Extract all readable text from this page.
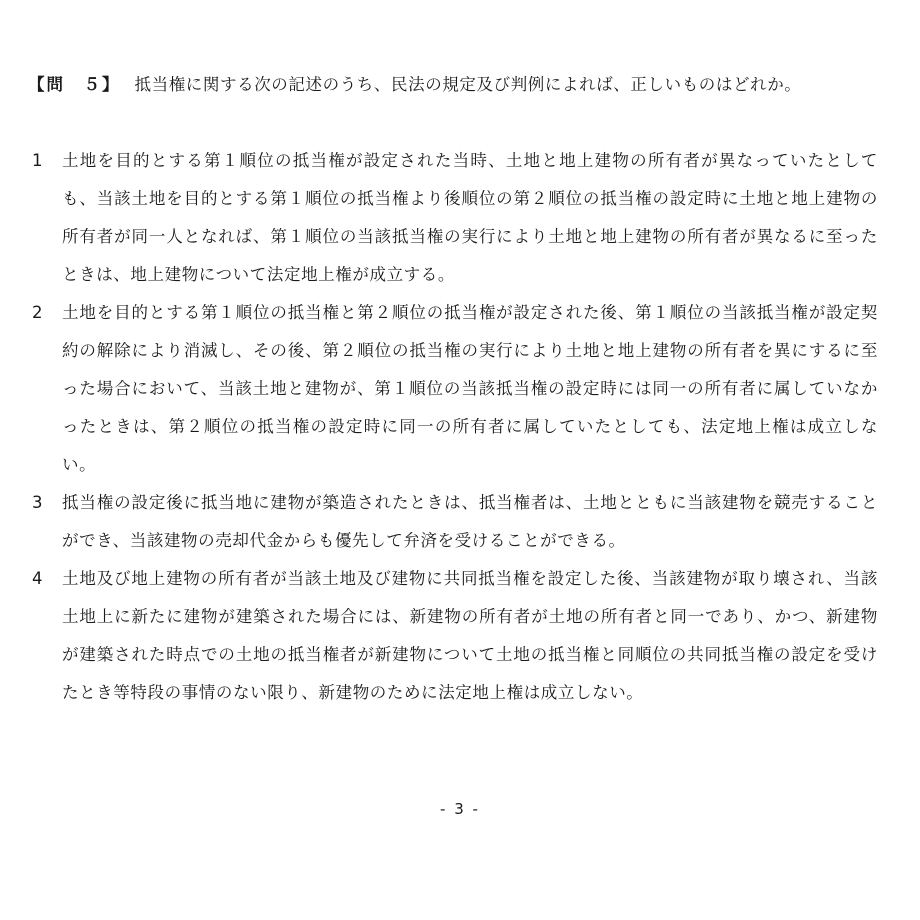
【問　５】 抵当権に関する次の記述のうち、民法の規定及び判例によれば、正しいものはどれか。
1	土地を目的とする第１順位の抵当権が設定された当時、土地と地上建物の所有者が異なっていたとしても、当該土地を目的とする第１順位の抵当権より後順位の第２順位の抵当権の設定時に土地と地上建物の所有者が同一人となれば、第１順位の当該抵当権の実行により土地と地上建物の所有者が異なるに至ったときは、地上建物について法定地上権が成立する。
2	土地を目的とする第１順位の抵当権と第２順位の抵当権が設定された後、第１順位の当該抵当権が設定契約の解除により消滅し、その後、第２順位の抵当権の実行により土地と地上建物の所有者を異にするに至った場合において、当該土地と建物が、第１順位の当該抵当権の設定時には同一の所有者に属していなかったときは、第２順位の抵当権の設定時に同一の所有者に属していたとしても、法定地上権は成立しない。
3	抵当権の設定後に抵当地に建物が築造されたときは、抵当権者は、土地とともに当該建物を競売することができ、当該建物の売却代金からも優先して弁済を受けることができる。
4	土地及び地上建物の所有者が当該土地及び建物に共同抵当権を設定した後、当該建物が取り壊され、当該土地上に新たに建物が建築された場合には、新建物の所有者が土地の所有者と同一であり、かつ、新建物が建築された時点での土地の抵当権者が新建物について土地の抵当権と同順位の共同抵当権の設定を受けたとき等特段の事情のない限り、新建物のために法定地上権は成立しない。
- 3 -
